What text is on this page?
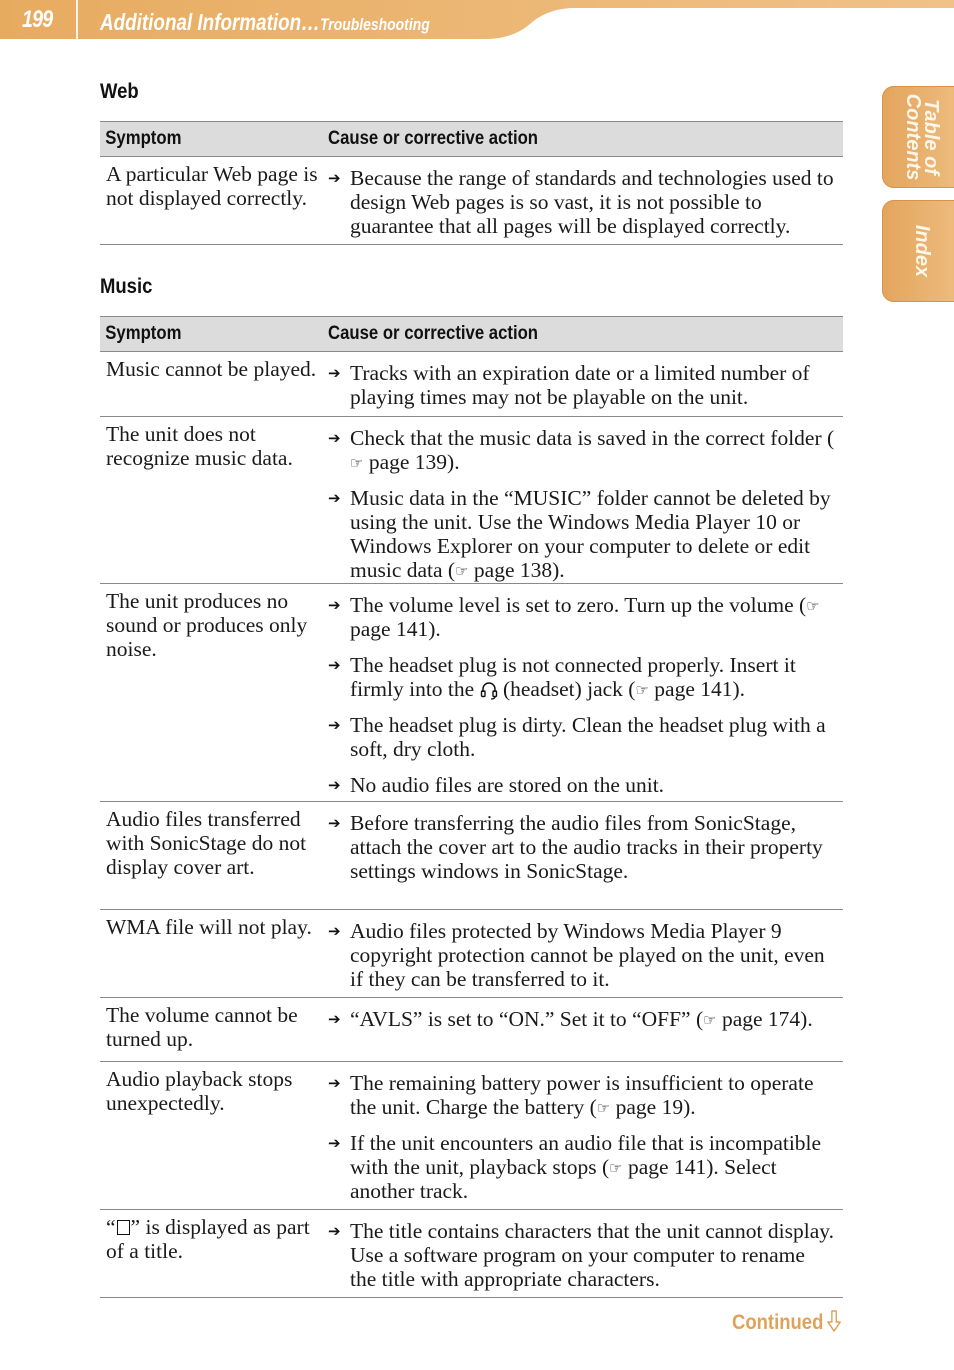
199 Additional Information…Troubleshooting
Table of
Contents
Index
Web
Symptom	Cause or corrective action
A particular Web page is not displayed correctly.
➔ Because the range of standards and technologies used to design Web pages is so vast, it is not possible to guarantee that all pages will be displayed correctly.
Music
Symptom	Cause or corrective action
Music cannot be played. ➔ Tracks with an expiration date or a limited number of playing times may not be playable on the unit.
The unit does not recognize music data.
➔ Check that the music data is saved in the correct folder (☞ page 139).
➔ Music data in the “MUSIC” folder cannot be deleted by using the unit. Use the Windows Media Player 10 or Windows Explorer on your computer to delete or edit music data (☞ page 138).
The unit produces no sound or produces only noise.
➔ The volume level is set to zero. Turn up the volume (☞ page 141).
➔ The headset plug is not connected properly. Insert it firmly into the  (headset) jack (☞ page 141).
➔ The headset plug is dirty. Clean the headset plug with a soft, dry cloth.
➔ No audio files are stored on the unit.
Audio files transferred with SonicStage do not display cover art.
➔ Before transferring the audio files from SonicStage, attach the cover art to the audio tracks in their property settings windows in SonicStage.
WMA file will not play.	➔ Audio files protected by Windows Media Player 9 copyright protection cannot be played on the unit, even if they can be transferred to it.
The volume cannot be turned up.
➔ “AVLS” is set to “ON.” Set it to “OFF” (☞ page 174).
Audio playback stops unexpectedly.
➔ The remaining battery power is insufficient to operate the unit. Charge the battery (☞ page 19).
➔ If the unit encounters an audio file that is incompatible with the unit, playback stops (☞ page 141). Select another track.
“ ” is displayed as part of a title.
➔ The title contains characters that the unit cannot display. Use a software program on your computer to rename the title with appropriate characters.
Continued
